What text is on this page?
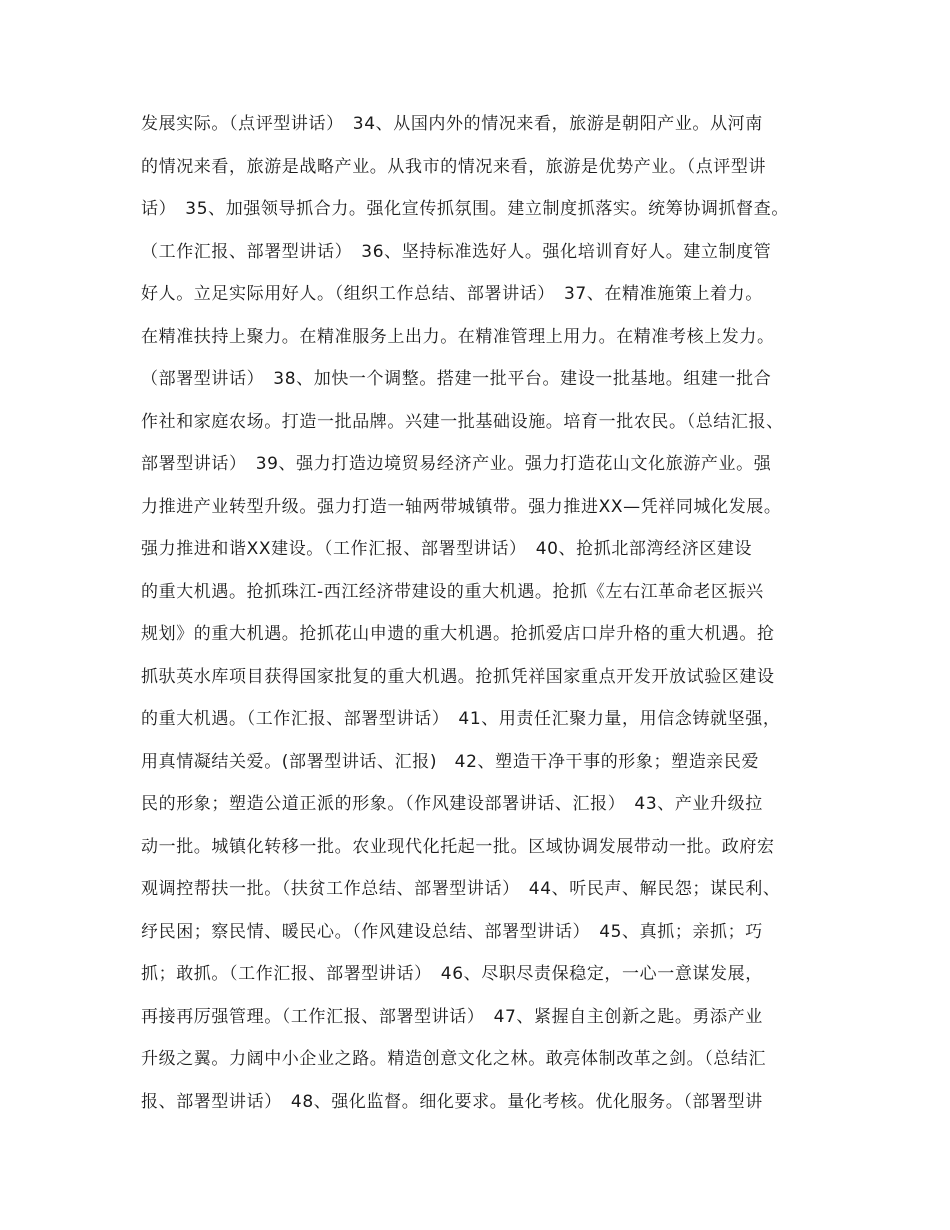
发展实际。（点评型讲话）　34、从国内外的情况来看，旅游是朝阳产业。从河南
的情况来看，旅游是战略产业。从我市的情况来看，旅游是优势产业。（点评型讲
话）　35、加强领导抓合力。强化宣传抓氛围。建立制度抓落实。统筹协调抓督查。
（工作汇报、部署型讲话）　36、坚持标准选好人。强化培训育好人。建立制度管
好人。立足实际用好人。（组织工作总结、部署讲话）　37、在精准施策上着力。
在精准扶持上聚力。在精准服务上出力。在精准管理上用力。在精准考核上发力。
（部署型讲话）　38、加快一个调整。搭建一批平台。建设一批基地。组建一批合
作社和家庭农场。打造一批品牌。兴建一批基础设施。培育一批农民。（总结汇报、
部署型讲话）　39、强力打造边境贸易经济产业。强力打造花山文化旅游产业。强
力推进产业转型升级。强力打造一轴两带城镇带。强力推进XX—凭祥同城化发展。
强力推进和谐XX建设。（工作汇报、部署型讲话）　40、抢抓北部湾经济区建设
的重大机遇。抢抓珠江-西江经济带建设的重大机遇。抢抓《左右江革命老区振兴
规划》的重大机遇。抢抓花山申遗的重大机遇。抢抓爱店口岸升格的重大机遇。抢
抓驮英水库项目获得国家批复的重大机遇。抢抓凭祥国家重点开发开放试验区建设
的重大机遇。（工作汇报、部署型讲话）　41、用责任汇聚力量，用信念铸就坚强，
用真情凝结关爱。(部署型讲话、汇报)　42、塑造干净干事的形象；塑造亲民爱
民的形象；塑造公道正派的形象。（作风建设部署讲话、汇报）　43、产业升级拉
动一批。城镇化转移一批。农业现代化托起一批。区域协调发展带动一批。政府宏
观调控帮扶一批。（扶贫工作总结、部署型讲话）　44、听民声、解民怨；谋民利、
纾民困；察民情、暖民心。（作风建设总结、部署型讲话）　45、真抓；亲抓；巧
抓；敢抓。（工作汇报、部署型讲话）　46、尽职尽责保稳定，一心一意谋发展，
再接再厉强管理。（工作汇报、部署型讲话）　47、紧握自主创新之匙。勇添产业
升级之翼。力阔中小企业之路。精造创意文化之林。敢亮体制改革之剑。（总结汇
报、部署型讲话）　48、强化监督。细化要求。量化考核。优化服务。（部署型讲
